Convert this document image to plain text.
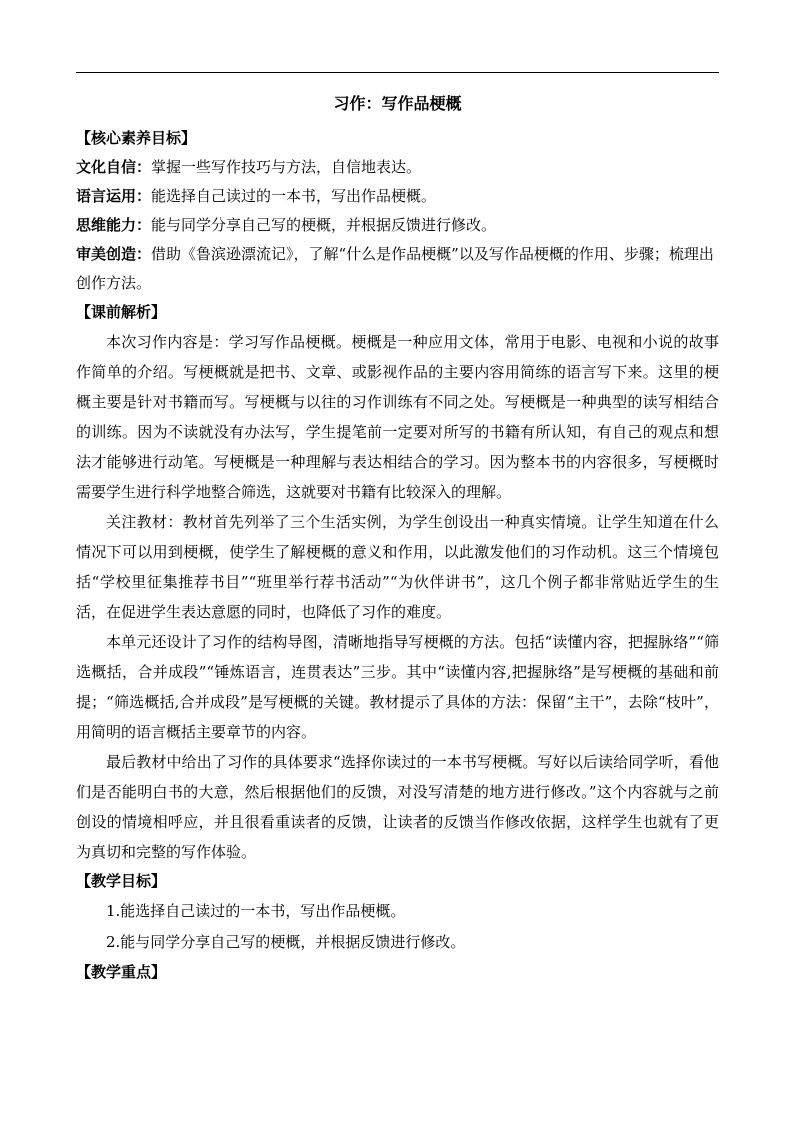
习作：写作品梗概

【核心素养目标】

文化自信：掌握一些写作技巧与方法，自信地表达。

语言运用：能选择自己读过的一本书，写出作品梗概。

思维能力：能与同学分享自己写的梗概，并根据反馈进行修改。

审美创造：借助《鲁滨逊漂流记》，了解“什么是作品梗概”以及写作品梗概的作用、步骤；梳理出创作方法。

【课前解析】

本次习作内容是：学习写作品梗概。梗概是一种应用文体，常用于电影、电视和小说的故事作简单的介绍。写梗概就是把书、文章、或影视作品的主要内容用简练的语言写下来。这里的梗概主要是针对书籍而写。写梗概与以往的习作训练有不同之处。写梗概是一种典型的读写相结合的训练。因为不读就没有办法写，学生提笔前一定要对所写的书籍有所认知，有自己的观点和想法才能够进行动笔。写梗概是一种理解与表达相结合的学习。因为整本书的内容很多，写梗概时需要学生进行科学地整合筛选，这就要对书籍有比较深入的理解。

关注教材：教材首先列举了三个生活实例，为学生创设出一种真实情境。让学生知道在什么情况下可以用到梗概，使学生了解梗概的意义和作用，以此激发他们的习作动机。这三个情境包括“学校里征集推荐书目”“班里举行荐书活动”“为伙伴讲书”，这几个例子都非常贴近学生的生活，在促进学生表达意愿的同时，也降低了习作的难度。

本单元还设计了习作的结构导图，清晰地指导写梗概的方法。包括“读懂内容，把握脉络”“筛选概括，合并成段”“锤炼语言，连贯表达”三步。其中“读懂内容,把握脉络”是写梗概的基础和前提；“筛选概括,合并成段”是写梗概的关键。教材提示了具体的方法：保留“主干”，去除“枝叶”，用简明的语言概括主要章节的内容。

最后教材中给出了习作的具体要求“选择你读过的一本书写梗概。写好以后读给同学听，看他们是否能明白书的大意，然后根据他们的反馈，对没写清楚的地方进行修改。”这个内容就与之前创设的情境相呼应，并且很看重读者的反馈，让读者的反馈当作修改依据，这样学生也就有了更为真切和完整的写作体验。

【教学目标】

1.能选择自己读过的一本书，写出作品梗概。

2.能与同学分享自己写的梗概，并根据反馈进行修改。

【教学重点】
